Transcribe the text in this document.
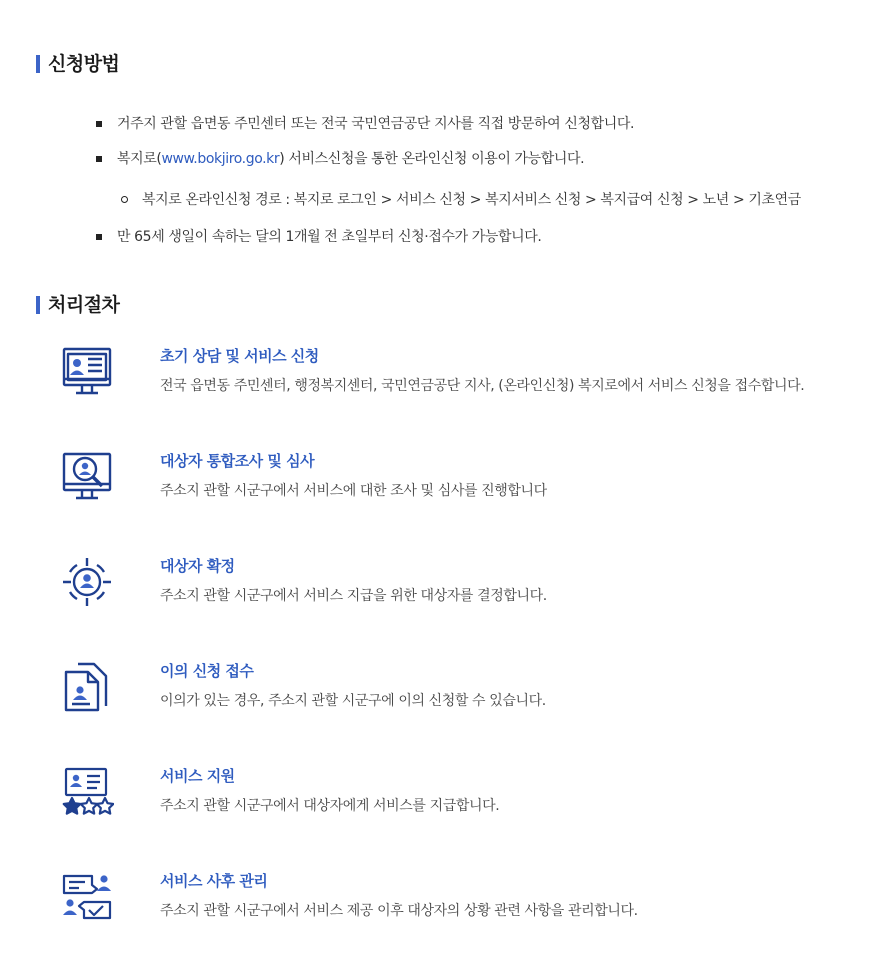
신청방법
거주지 관할 읍면동 주민센터 또는 전국 국민연금공단 지사를 직접 방문하여 신청합니다.
복지로(www.bokjiro.go.kr) 서비스신청을 통한 온라인신청 이용이 가능합니다.
복지로 온라인신청 경로 : 복지로 로그인 > 서비스 신청 > 복지서비스 신청 > 복지급여 신청 > 노년 > 기초연금
만 65세 생일이 속하는 달의 1개월 전 초일부터 신청·접수가 가능합니다.
처리절차
초기 상담 및 서비스 신청
전국 읍면동 주민센터, 행정복지센터, 국민연금공단 지사, (온라인신청) 복지로에서 서비스 신청을 접수합니다.
대상자 통합조사 및 심사
주소지 관할 시군구에서 서비스에 대한 조사 및 심사를 진행합니다
대상자 확정
주소지 관할 시군구에서 서비스 지급을 위한 대상자를 결정합니다.
이의 신청 접수
이의가 있는 경우, 주소지 관할 시군구에 이의 신청할 수 있습니다.
서비스 지원
주소지 관할 시군구에서 대상자에게 서비스를 지급합니다.
서비스 사후 관리
주소지 관할 시군구에서 서비스 제공 이후 대상자의 상황 관련 사항을 관리합니다.
